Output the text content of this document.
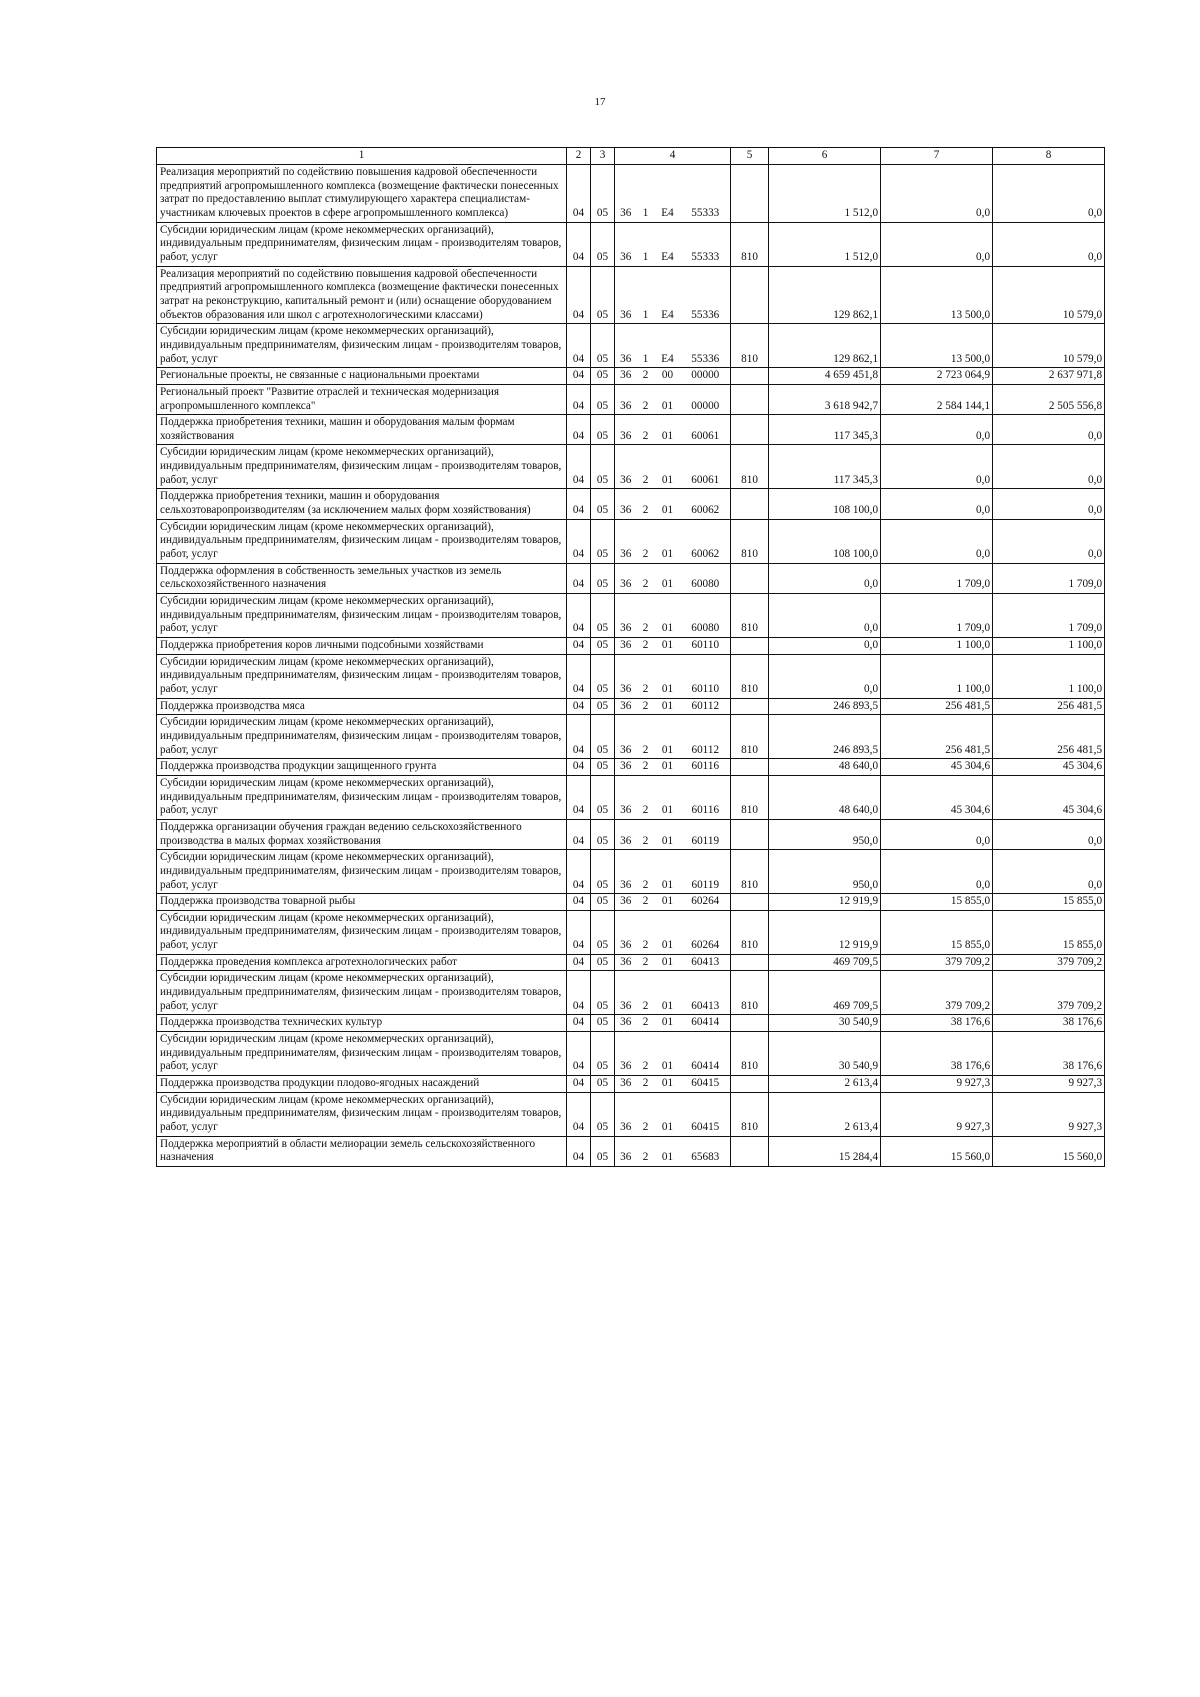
17
1	2	3	4				5	6	7	8
Реализация мероприятий по содействию повышения кадровой обеспеченности предприятий агропромышленного комплекса (возмещение фактически понесенных затрат по предоставлению выплат стимулирующего характера специалистам-участникам ключевых проектов в сфере агропромышленного комплекса)	04	05	36	1	E4	55333		1 512,0	0,0	0,0
Субсидии юридическим лицам (кроме некоммерческих организаций), индивидуальным предпринимателям, физическим лицам - производителям товаров, работ, услуг	04	05	36	1	E4	55333	810	1 512,0	0,0	0,0
Реализация мероприятий по содействию повышения кадровой обеспеченности предприятий агропромышленного комплекса (возмещение фактически понесенных затрат на реконструкцию, капитальный ремонт и (или) оснащение оборудованием объектов образования или школ с агротехнологическими классами)	04	05	36	1	E4	55336		129 862,1	13 500,0	10 579,0
Субсидии юридическим лицам (кроме некоммерческих организаций), индивидуальным предпринимателям, физическим лицам - производителям товаров, работ, услуг	04	05	36	1	E4	55336	810	129 862,1	13 500,0	10 579,0
Региональные проекты, не связанные с национальными проектами	04	05	36	2	00	00000		4 659 451,8	2 723 064,9	2 637 971,8
Региональный проект "Развитие отраслей и техническая модернизация агропромышленного комплекса"	04	05	36	2	01	00000		3 618 942,7	2 584 144,1	2 505 556,8
Поддержка приобретения техники, машин и оборудования малым формам хозяйствования	04	05	36	2	01	60061		117 345,3	0,0	0,0
Субсидии юридическим лицам (кроме некоммерческих организаций), индивидуальным предпринимателям, физическим лицам - производителям товаров, работ, услуг	04	05	36	2	01	60061	810	117 345,3	0,0	0,0
Поддержка приобретения техники, машин и оборудования сельхозтоваропроизводителям (за исключением малых форм хозяйствования)	04	05	36	2	01	60062		108 100,0	0,0	0,0
Субсидии юридическим лицам (кроме некоммерческих организаций), индивидуальным предпринимателям, физическим лицам - производителям товаров, работ, услуг	04	05	36	2	01	60062	810	108 100,0	0,0	0,0
Поддержка оформления в собственность земельных участков из земель сельскохозяйственного назначения	04	05	36	2	01	60080		0,0	1 709,0	1 709,0
Субсидии юридическим лицам (кроме некоммерческих организаций), индивидуальным предпринимателям, физическим лицам - производителям товаров, работ, услуг	04	05	36	2	01	60080	810	0,0	1 709,0	1 709,0
Поддержка приобретения коров личными подсобными хозяйствами	04	05	36	2	01	60110		0,0	1 100,0	1 100,0
Субсидии юридическим лицам (кроме некоммерческих организаций), индивидуальным предпринимателям, физическим лицам - производителям товаров, работ, услуг	04	05	36	2	01	60110	810	0,0	1 100,0	1 100,0
Поддержка производства мяса	04	05	36	2	01	60112		246 893,5	256 481,5	256 481,5
Субсидии юридическим лицам (кроме некоммерческих организаций), индивидуальным предпринимателям, физическим лицам - производителям товаров, работ, услуг	04	05	36	2	01	60112	810	246 893,5	256 481,5	256 481,5
Поддержка производства продукции защищенного грунта	04	05	36	2	01	60116		48 640,0	45 304,6	45 304,6
Субсидии юридическим лицам (кроме некоммерческих организаций), индивидуальным предпринимателям, физическим лицам - производителям товаров, работ, услуг	04	05	36	2	01	60116	810	48 640,0	45 304,6	45 304,6
Поддержка организации обучения граждан ведению сельскохозяйственного производства в малых формах хозяйствования	04	05	36	2	01	60119		950,0	0,0	0,0
Субсидии юридическим лицам (кроме некоммерческих организаций), индивидуальным предпринимателям, физическим лицам - производителям товаров, работ, услуг	04	05	36	2	01	60119	810	950,0	0,0	0,0
Поддержка производства товарной рыбы	04	05	36	2	01	60264		12 919,9	15 855,0	15 855,0
Субсидии юридическим лицам (кроме некоммерческих организаций), индивидуальным предпринимателям, физическим лицам - производителям товаров, работ, услуг	04	05	36	2	01	60264	810	12 919,9	15 855,0	15 855,0
Поддержка проведения комплекса агротехнологических работ	04	05	36	2	01	60413		469 709,5	379 709,2	379 709,2
Субсидии юридическим лицам (кроме некоммерческих организаций), индивидуальным предпринимателям, физическим лицам - производителям товаров, работ, услуг	04	05	36	2	01	60413	810	469 709,5	379 709,2	379 709,2
Поддержка производства технических культур	04	05	36	2	01	60414		30 540,9	38 176,6	38 176,6
Субсидии юридическим лицам (кроме некоммерческих организаций), индивидуальным предпринимателям, физическим лицам - производителям товаров, работ, услуг	04	05	36	2	01	60414	810	30 540,9	38 176,6	38 176,6
Поддержка производства продукции плодово-ягодных насаждений	04	05	36	2	01	60415		2 613,4	9 927,3	9 927,3
Субсидии юридическим лицам (кроме некоммерческих организаций), индивидуальным предпринимателям, физическим лицам - производителям товаров, работ, услуг	04	05	36	2	01	60415	810	2 613,4	9 927,3	9 927,3
Поддержка мероприятий в области мелиорации земель сельскохозяйственного назначения	04	05	36	2	01	65683		15 284,4	15 560,0	15 560,0
